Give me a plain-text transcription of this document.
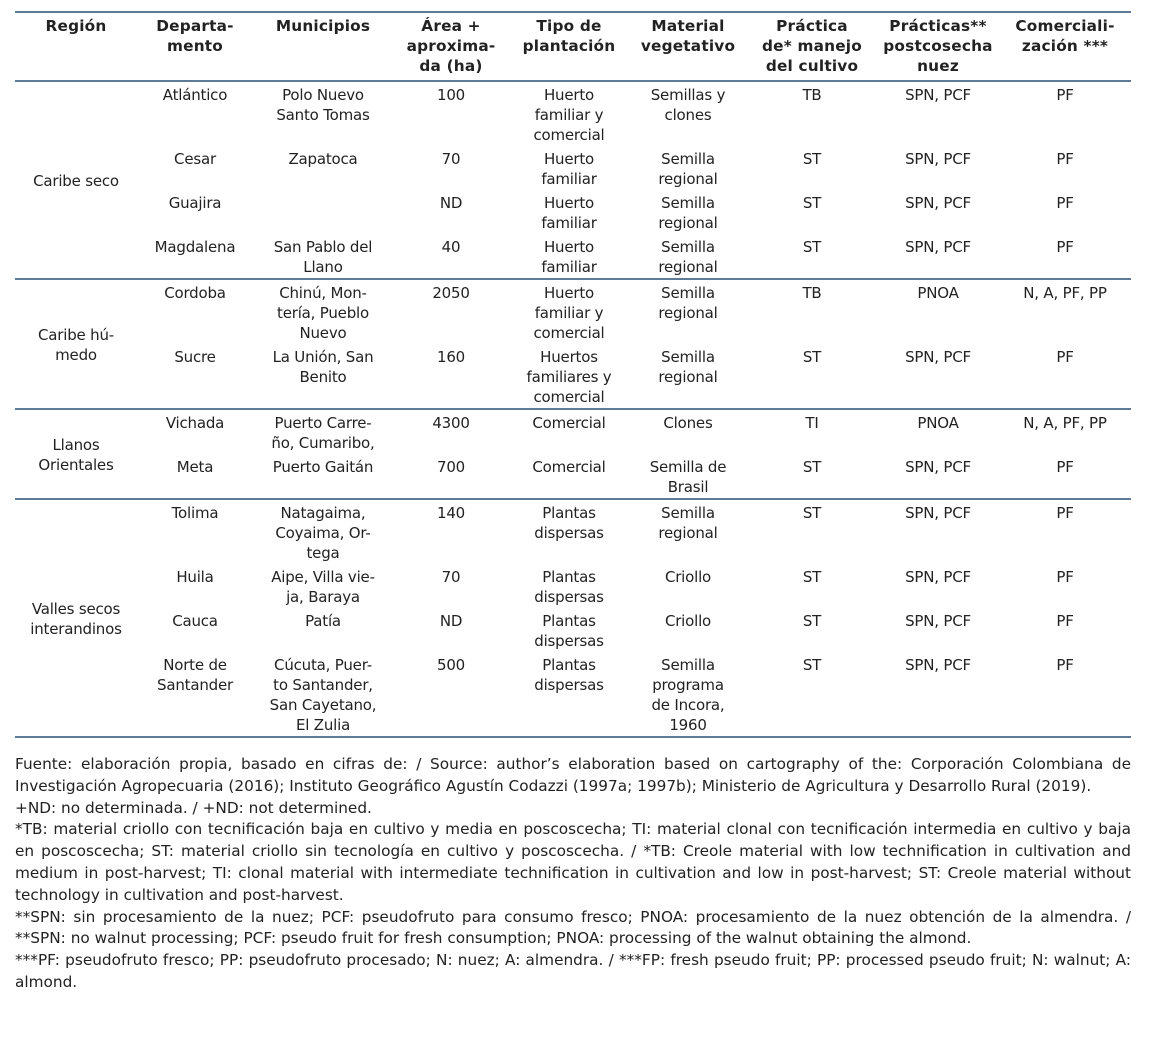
Región	Departa-
mento	Municipios	Área +
aproxima-
da (ha)	Tipo de
plantación	Material
vegetativo	Práctica
de* manejo
del cultivo	Prácticas**
postcosecha
nuez	Comerciali-
zación ***

Caribe seco	Atlántico	Polo Nuevo
Santo Tomas	100	Huerto
familiar y
comercial	Semillas y
clones	TB	SPN, PCF	PF

	Cesar	Zapatoca	70	Huerto
familiar	Semilla
regional	ST	SPN, PCF	PF

	Guajira		ND	Huerto
familiar	Semilla
regional	ST	SPN, PCF	PF

	Magdalena	San Pablo del
Llano	40	Huerto
familiar	Semilla
regional	ST	SPN, PCF	PF

Caribe hú-
medo	Cordoba	Chinú, Mon-
tería, Pueblo
Nuevo	2050	Huerto
familiar y
comercial	Semilla
regional	TB	PNOA	N, A, PF, PP

	Sucre	La Unión, San
Benito	160	Huertos
familiares y
comercial	Semilla
regional	ST	SPN, PCF	PF

Llanos
Orientales	Vichada	Puerto Carre-
ño, Cumaribo,	4300	Comercial	Clones	TI	PNOA	N, A, PF, PP

	Meta	Puerto Gaitán	700	Comercial	Semilla de
Brasil	ST	SPN, PCF	PF

Valles secos
interandinos	Tolima	Natagaima,
Coyaima, Or-
tega	140	Plantas
dispersas	Semilla
regional	ST	SPN, PCF	PF

	Huila	Aipe, Villa vie-
ja, Baraya	70	Plantas
dispersas	Criollo	ST	SPN, PCF	PF

	Cauca	Patía	ND	Plantas
dispersas	Criollo	ST	SPN, PCF	PF

	Norte de
Santander	Cúcuta, Puer-
to Santander,
San Cayetano,
El Zulia	500	Plantas
dispersas	Semilla
programa
de Incora,
1960	ST	SPN, PCF	PF

Fuente: elaboración propia, basado en cifras de: / Source: author’s elaboration based on cartography of the: Corporación Colombiana de Investigación Agropecuaria (2016); Instituto Geográfico Agustín Codazzi (1997a; 1997b); Ministerio de Agricultura y Desarrollo Rural (2019).

+ND: no determinada. / +ND: not determined.

*TB: material criollo con tecnificación baja en cultivo y media en poscoscecha; TI: material clonal con tecnificación intermedia en cultivo y baja en poscoscecha; ST: material criollo sin tecnología en cultivo y poscoscecha. / *TB: Creole material with low technification in cultivation and medium in post-harvest; TI: clonal material with intermediate technification in cultivation and low in post-harvest; ST: Creole material without technology in cultivation and post-harvest.

**SPN: sin procesamiento de la nuez; PCF: pseudofruto para consumo fresco; PNOA: procesamiento de la nuez obtención de la almendra. / **SPN: no walnut processing; PCF: pseudo fruit for fresh consumption; PNOA: processing of the walnut obtaining the almond.

***PF: pseudofruto fresco; PP: pseudofruto procesado; N: nuez; A: almendra. / ***FP: fresh pseudo fruit; PP: processed pseudo fruit; N: walnut; A: almond.
